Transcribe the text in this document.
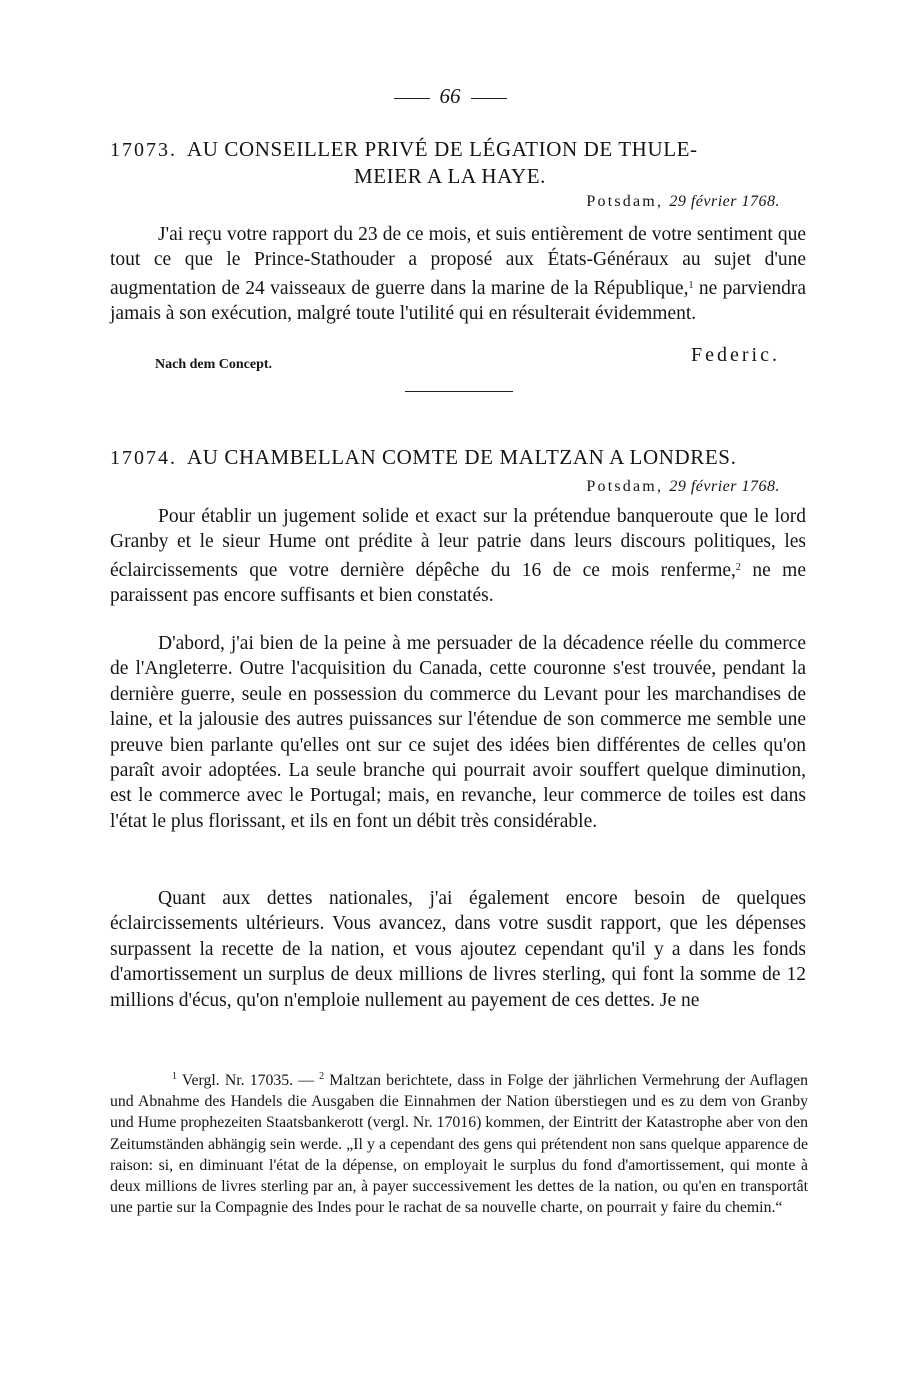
66
17073. AU CONSEILLER PRIVÉ DE LÉGATION DE THULE-
MEIER A LA HAYE.
Potsdam, 29 février 1768.

J'ai reçu votre rapport du 23 de ce mois, et suis entièrement de votre sentiment que tout ce que le Prince-Stathouder a proposé aux États-Généraux au sujet d'une augmentation de 24 vaisseaux de guerre dans la marine de la République,$^1$ ne parviendra jamais à son exécution, malgré toute l'utilité qui en résulterait évidemment.

Nach dem Concept.	Federic.
17074. AU CHAMBELLAN COMTE DE MALTZAN A LONDRES.
Potsdam, 29 février 1768.

Pour établir un jugement solide et exact sur la prétendue banqueroute que le lord Granby et le sieur Hume ont prédite à leur patrie dans leurs discours politiques, les éclaircissements que votre dernière dépêche du 16 de ce mois renferme,$^2$ ne me paraissent pas encore suffisants et bien constatés.

D'abord, j'ai bien de la peine à me persuader de la décadence réelle du commerce de l'Angleterre. Outre l'acquisition du Canada, cette couronne s'est trouvée, pendant la dernière guerre, seule en possession du commerce du Levant pour les marchandises de laine, et la jalousie des autres puissances sur l'étendue de son commerce me semble une preuve bien parlante qu'elles ont sur ce sujet des idées bien différentes de celles qu'on paraît avoir adoptées. La seule branche qui pourrait avoir souffert quelque diminution, est le commerce avec le Portugal; mais, en revanche, leur commerce de toiles est dans l'état le plus florissant, et ils en font un débit très considérable.

Quant aux dettes nationales, j'ai également encore besoin de quelques éclaircissements ultérieurs. Vous avancez, dans votre susdit rapport, que les dépenses surpassent la recette de la nation, et vous ajoutez cependant qu'il y a dans les fonds d'amortissement un surplus de deux millions de livres sterling, qui font la somme de 12 millions d'écus, qu'on n'emploie nullement au payement de ces dettes. Je ne

$^1$ Vergl. Nr. 17035. — $^2$ Maltzan berichtete, dass in Folge der jährlichen Vermehrung der Auflagen und Abnahme des Handels die Ausgaben die Einnahmen der Nation überstiegen und es zu dem von Granby und Hume prophezeiten Staatsbankerott (vergl. Nr. 17016) kommen, der Eintritt der Katastrophe aber von den Zeitumständen abhängig sein werde. „Il y a cependant des gens qui prétendent non sans quelque apparence de raison: si, en diminuant l'état de la dépense, on employait le surplus du fond d'amortissement, qui monte à deux millions de livres sterling par an, à payer successivement les dettes de la nation, ou qu'en en transportât une partie sur la Compagnie des Indes pour le rachat de sa nouvelle charte, on pourrait y faire du chemin.“
